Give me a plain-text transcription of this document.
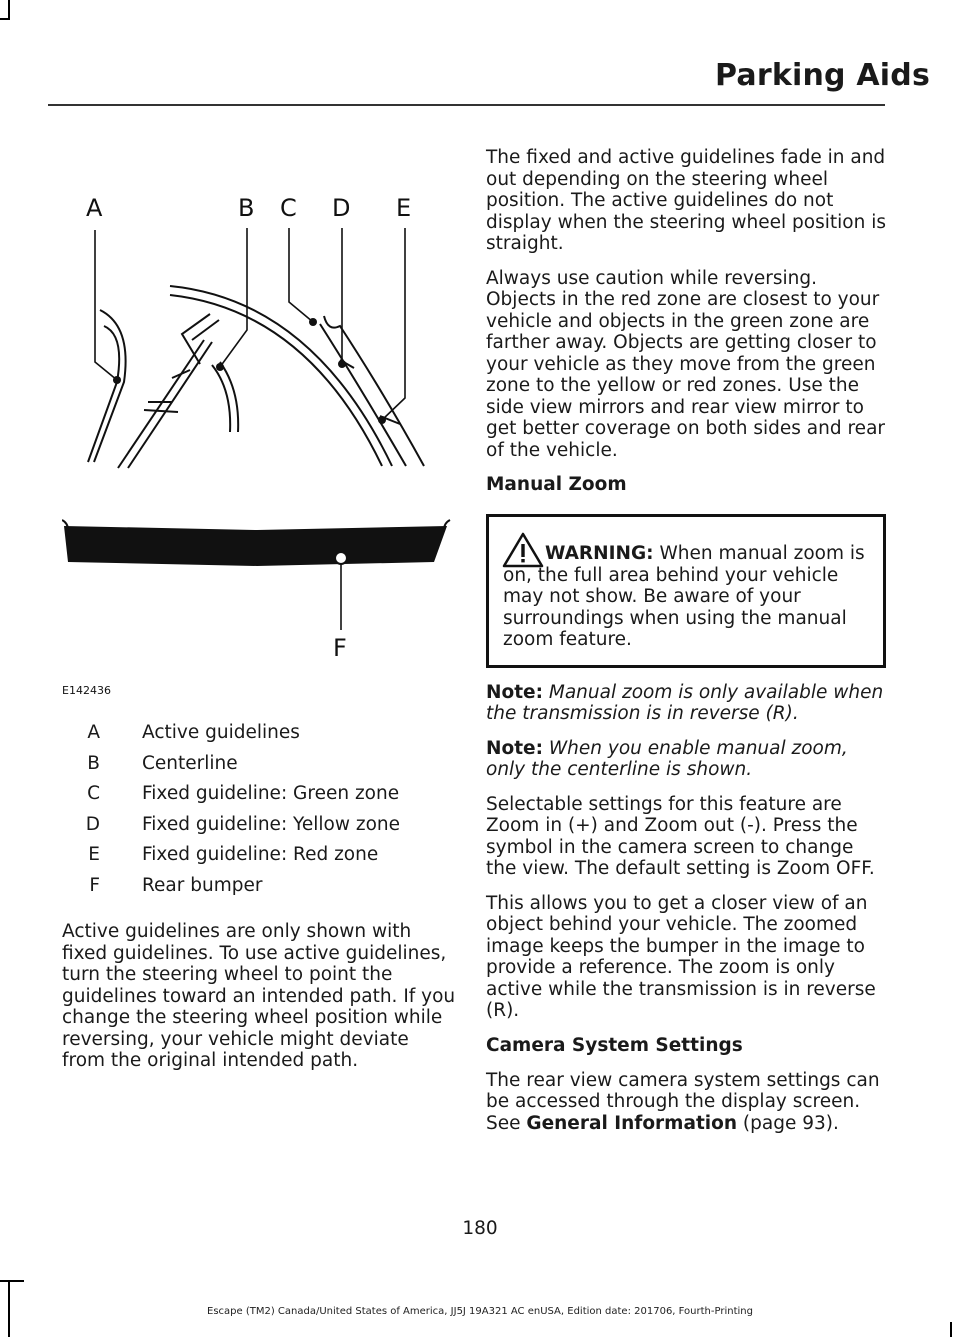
Parking Aids
A	B C D E
F
E142436
A	Active guidelines
B	Centerline
C	Fixed guideline: Green zone
D	Fixed guideline: Yellow zone
E	Fixed guideline: Red zone
F	Rear bumper

Active guidelines are only shown with fixed guidelines. To use active guidelines, turn the steering wheel to point the guidelines toward an intended path. If you change the steering wheel position while reversing, your vehicle might deviate from the original intended path.

The fixed and active guidelines fade in and out depending on the steering wheel position. The active guidelines do not display when the steering wheel position is straight.

Always use caution while reversing. Objects in the red zone are closest to your vehicle and objects in the green zone are farther away. Objects are getting closer to your vehicle as they move from the green zone to the yellow or red zones. Use the side view mirrors and rear view mirror to get better coverage on both sides and rear of the vehicle.

Manual Zoom

WARNING: When manual zoom is
on, the full area behind your vehicle may not show. Be aware of your surroundings when using the manual zoom feature.

Note: Manual zoom is only available when the transmission is in reverse (R).

Note: When you enable manual zoom, only the centerline is shown.

Selectable settings for this feature are Zoom in (+) and Zoom out (-). Press the symbol in the camera screen to change the view. The default setting is Zoom OFF.

This allows you to get a closer view of an object behind your vehicle. The zoomed image keeps the bumper in the image to provide a reference. The zoom is only active while the transmission is in reverse (R).

Camera System Settings

The rear view camera system settings can be accessed through the display screen. See General Information (page 93).

180
Escape (TM2) Canada/United States of America, JJ5J 19A321 AC enUSA, Edition date: 201706, Fourth-Printing
